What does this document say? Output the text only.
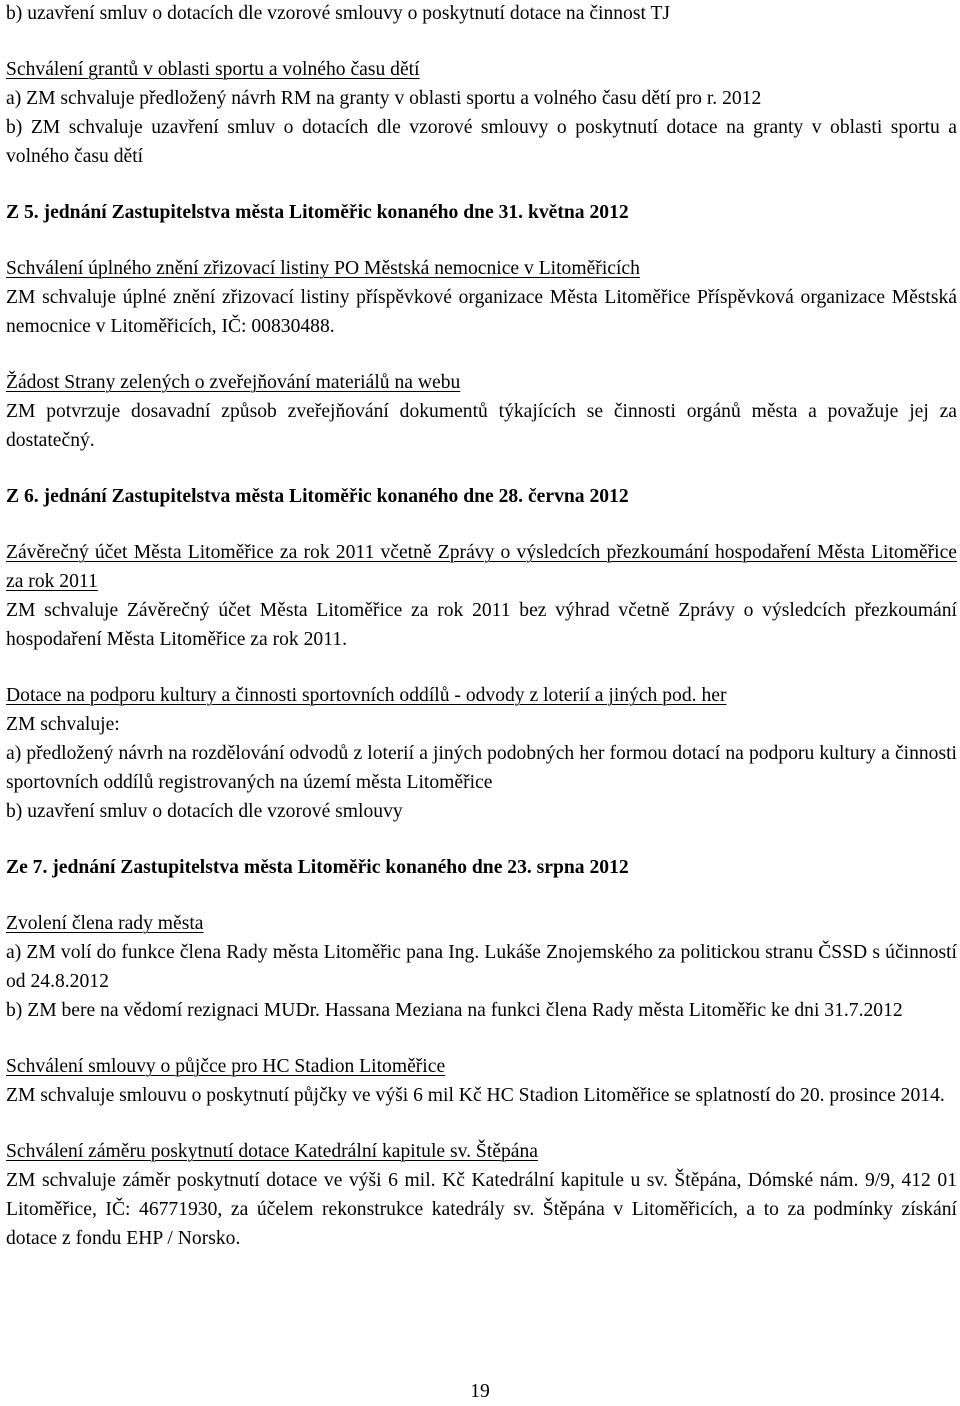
b) uzavření smluv o dotacích dle vzorové smlouvy o poskytnutí dotace na činnost TJ

Schválení grantů v oblasti sportu a volného času dětí

a) ZM schvaluje předložený návrh RM na granty v oblasti sportu a volného času dětí pro r. 2012

b) ZM schvaluje uzavření smluv o dotacích dle vzorové smlouvy o poskytnutí dotace na granty v oblasti sportu a volného času dětí

Z 5. jednání Zastupitelstva města Litoměřic konaného dne 31. května 2012

Schválení úplného znění zřizovací listiny PO Městská nemocnice v Litoměřicích

ZM schvaluje úplné znění zřizovací listiny příspěvkové organizace Města Litoměřice Příspěvková organizace Městská nemocnice v Litoměřicích, IČ: 00830488.

Žádost Strany zelených o zveřejňování materiálů na webu

ZM potvrzuje dosavadní způsob zveřejňování dokumentů týkajících se činnosti orgánů města a považuje jej za dostatečný.

Z 6. jednání Zastupitelstva města Litoměřic konaného dne 28. června 2012

Závěrečný účet Města Litoměřice za rok 2011 včetně Zprávy o výsledcích přezkoumání hospodaření Města Litoměřice za rok 2011

ZM schvaluje Závěrečný účet Města Litoměřice za rok 2011 bez výhrad včetně Zprávy o výsledcích přezkoumání hospodaření Města Litoměřice za rok 2011.

Dotace na podporu kultury a činnosti sportovních oddílů - odvody z loterií a jiných pod. her

ZM schvaluje:

a) předložený návrh na rozdělování odvodů z loterií a jiných podobných her formou dotací na podporu kultury a činnosti sportovních oddílů registrovaných na území města Litoměřice

b) uzavření smluv o dotacích dle vzorové smlouvy

Ze 7. jednání Zastupitelstva města Litoměřic konaného dne 23. srpna 2012

Zvolení člena rady města

a) ZM volí do funkce člena Rady města Litoměřic pana Ing. Lukáše Znojemského za politickou stranu ČSSD s účinností od 24.8.2012

b) ZM bere na vědomí rezignaci MUDr. Hassana Meziana na funkci člena Rady města Litoměřic ke dni 31.7.2012

Schválení smlouvy o půjčce pro HC Stadion Litoměřice

ZM schvaluje smlouvu o poskytnutí půjčky ve výši 6 mil Kč HC Stadion Litoměřice se splatností do 20. prosince 2014.

Schválení záměru poskytnutí dotace Katedrální kapitule sv. Štěpána

ZM schvaluje záměr poskytnutí dotace ve výši 6 mil. Kč Katedrální kapitule u sv. Štěpána, Dómské nám. 9/9, 412 01 Litoměřice, IČ: 46771930, za účelem rekonstrukce katedrály sv. Štěpána v Litoměřicích, a to za podmínky získání dotace z fondu EHP / Norsko.

19
